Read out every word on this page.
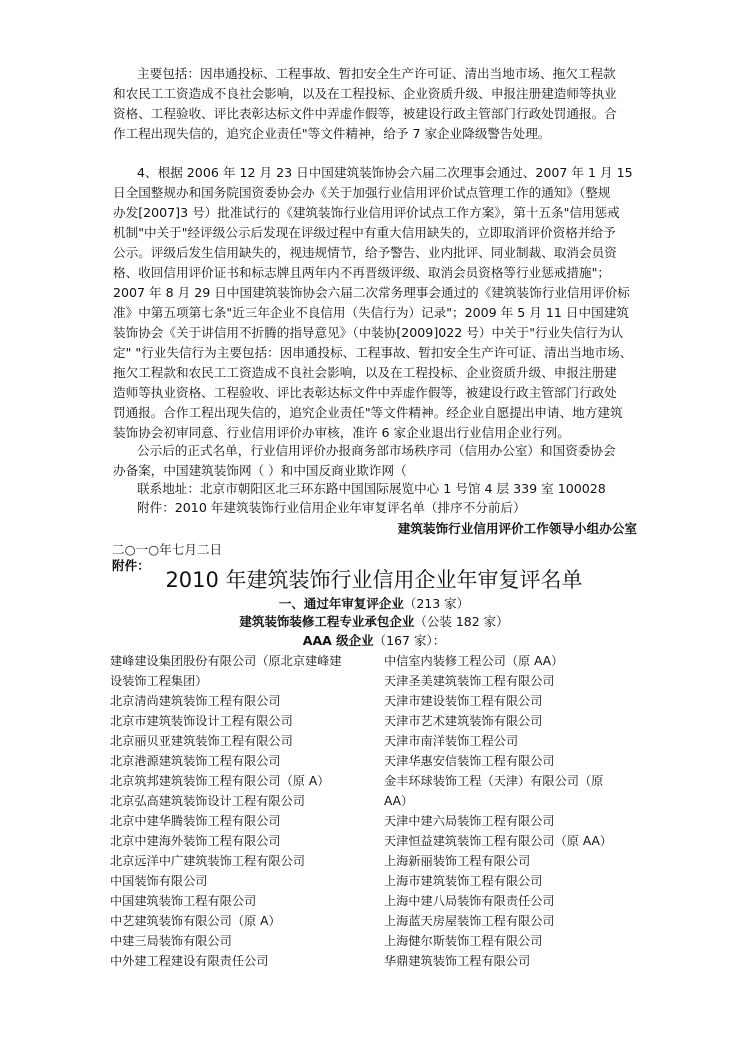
主要包括：因串通投标、工程事故、暂扣安全生产许可证、清出当地市场、拖欠工程款
和农民工工资造成不良社会影响，以及在工程投标、企业资质升级、申报注册建造师等执业
资格、工程验收、评比表彰达标文件中弄虚作假等，被建设行政主管部门行政处罚通报。合
作工程出现失信的，追究企业责任"等文件精神，给予 7 家企业降级警告处理。
4、根据 2006 年 12 月 23 日中国建筑装饰协会六届二次理事会通过、2007 年 1 月 15
日全国整规办和国务院国资委协会办《关于加强行业信用评价试点管理工作的通知》（整规
办发[2007]3 号）批准试行的《建筑装饰行业信用评价试点工作方案》，第十五条"信用惩戒
机制"中关于"经评级公示后发现在评级过程中有重大信用缺失的，立即取消评价资格并给予
公示。评级后发生信用缺失的，视违规情节，给予警告、业内批评、同业制裁、取消会员资
格、收回信用评价证书和标志牌且两年内不再晋级评级、取消会员资格等行业惩戒措施"；
2007 年 8 月 29 日中国建筑装饰协会六届二次常务理事会通过的《建筑装饰行业信用评价标
准》中第五项第七条"近三年企业不良信用（失信行为）记录"；2009 年 5 月 11 日中国建筑
装饰协会《关于讲信用不折腾的指导意见》（中装协[2009]022 号）中关于"行业失信行为认
定" "行业失信行为主要包括：因串通投标、工程事故、暂扣安全生产许可证、清出当地市场、
拖欠工程款和农民工工资造成不良社会影响，以及在工程投标、企业资质升级、申报注册建
造师等执业资格、工程验收、评比表彰达标文件中弄虚作假等，被建设行政主管部门行政处
罚通报。合作工程出现失信的，追究企业责任"等文件精神。经企业自愿提出申请、地方建筑
装饰协会初审同意、行业信用评价办审核，准许 6 家企业退出行业信用企业行列。
公示后的正式名单，行业信用评价办报商务部市场秩序司（信用办公室）和国资委协会
办备案，中国建筑装饰网（ ）和中国反商业欺诈网（

联系地址：北京市朝阳区北三环东路中国国际展览中心 1 号馆 4 层 339 室 100028

附件：2010 年建筑装饰行业信用企业年审复评名单（排序不分前后）

建筑装饰行业信用评价工作领导小组办公室

二○一○年七月二日

附件：

2010 年建筑装饰行业信用企业年审复评名单

一、通过年审复评企业（213 家）

建筑装饰装修工程专业承包企业（公装 182 家）

AAA 级企业（167 家）：

建峰建设集团股份有限公司（原北京建峰建
设装饰工程集团）
北京清尚建筑装饰工程有限公司
北京市建筑装饰设计工程有限公司
北京丽贝亚建筑装饰工程有限公司
北京港源建筑装饰工程有限公司
北京筑邦建筑装饰工程有限公司（原 A）
北京弘高建筑装饰设计工程有限公司
北京中建华腾装饰工程有限公司
北京中建海外装饰工程有限公司
北京远洋中广建筑装饰工程有限公司
中国装饰有限公司
中国建筑装饰工程有限公司
中艺建筑装饰有限公司（原 A）
中建三局装饰有限公司
中外建工程建设有限责任公司
中信室内装修工程公司（原 AA）
天津圣美建筑装饰工程有限公司
天津市建设装饰工程有限公司
天津市艺术建筑装饰有限公司
天津市南洋装饰工程公司
天津华惠安信装饰工程有限公司
金丰环球装饰工程（天津）有限公司（原
AA）
天津中建六局装饰工程有限公司
天津恒益建筑装饰工程有限公司（原 AA）
上海新丽装饰工程有限公司
上海市建筑装饰工程有限公司
上海中建八局装饰有限责任公司
上海蓝天房屋装饰工程有限公司
上海健尔斯装饰工程有限公司
华鼎建筑装饰工程有限公司
